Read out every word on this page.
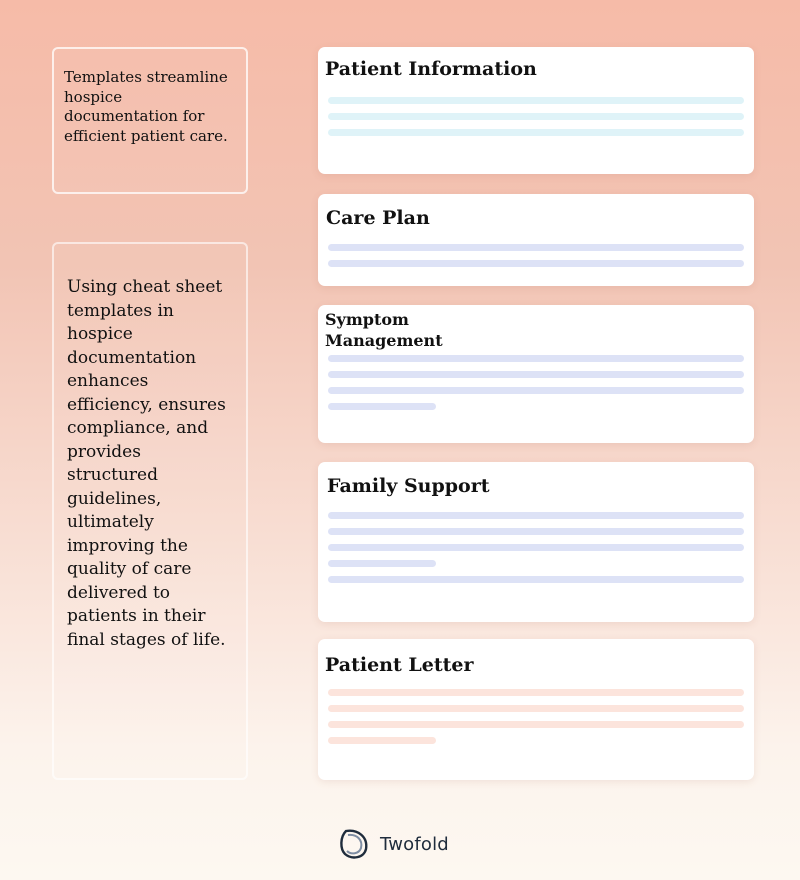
Templates streamline hospice documentation for efficient patient care.
Using cheat sheet templates in hospice documentation enhances efficiency, ensures compliance, and provides structured guidelines, ultimately improving the quality of care delivered to patients in their final stages of life.
Patient Information
Care Plan
Symptom Management
Family Support
Patient Letter
Twofold
